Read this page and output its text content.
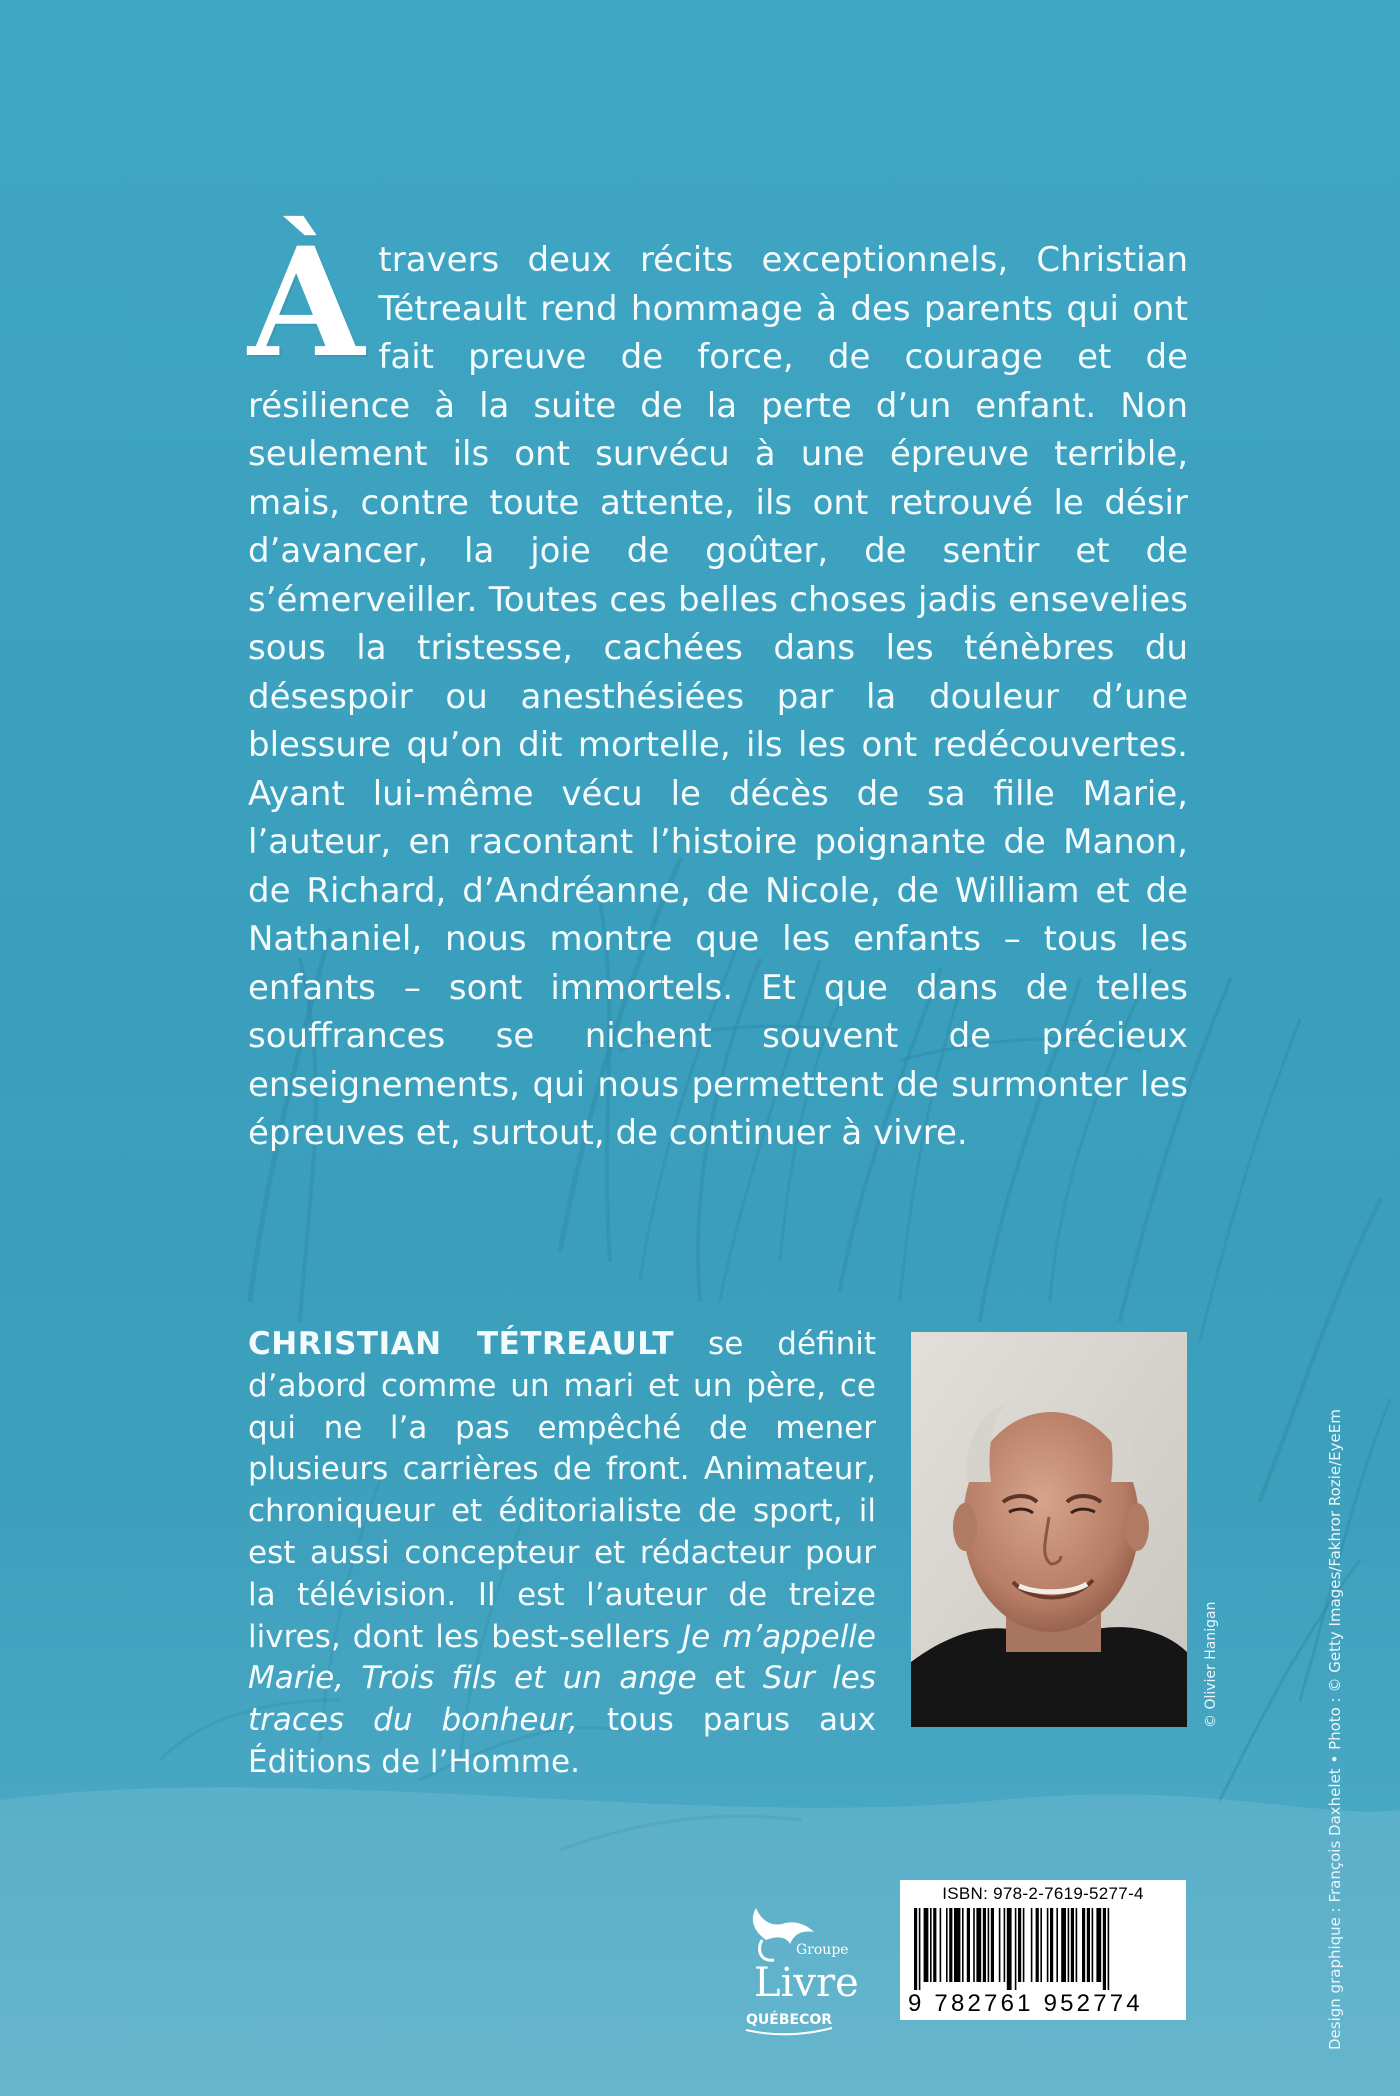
Àtravers deux récits exceptionnels, Christian Tétreault rend hommage à des parents qui ont fait preuve de force, de courage et de résilience à la suite de la perte d’un enfant. Non seulement ils ont survécu à une épreuve terrible, mais, contre toute attente, ils ont retrouvé le désir d’avancer, la joie de goûter, de sentir et de s’émerveiller. Toutes ces belles choses jadis ensevelies sous la tristesse, cachées dans les ténèbres du désespoir ou anesthésiées par la douleur d’une blessure qu’on dit mortelle, ils les ont redécouvertes. Ayant lui-même vécu le décès de sa fille Marie, l’auteur, en racontant l’histoire poignante de Manon, de Richard, d’Andréanne, de Nicole, de William et de Nathaniel, nous montre que les enfants – tous les enfants – sont immortels. Et que dans de telles souffrances se nichent souvent de précieux enseignements, qui nous permettent de surmonter les épreuves et, surtout, de continuer à vivre.
CHRISTIAN TÉTREAULT se définit d’abord comme un mari et un père, ce qui ne l’a pas empêché de mener plusieurs carrières de front. Animateur, chroniqueur et éditorialiste de sport, il est aussi concepteur et rédacteur pour la télévision. Il est l’auteur de treize livres, dont les best-sellers Je m’appelle Marie, Trois fils et un ange et Sur les traces du bonheur, tous parus aux Éditions de l’Homme.
© Olivier Hanigan	Design graphique : François Daxhelet • Photo : © Getty Images/Fakhror Rozie/EyeEm
Groupe
Livre
QUÉBECOR
ISBN: 978-2-7619-5277-4
9 782761 952774
